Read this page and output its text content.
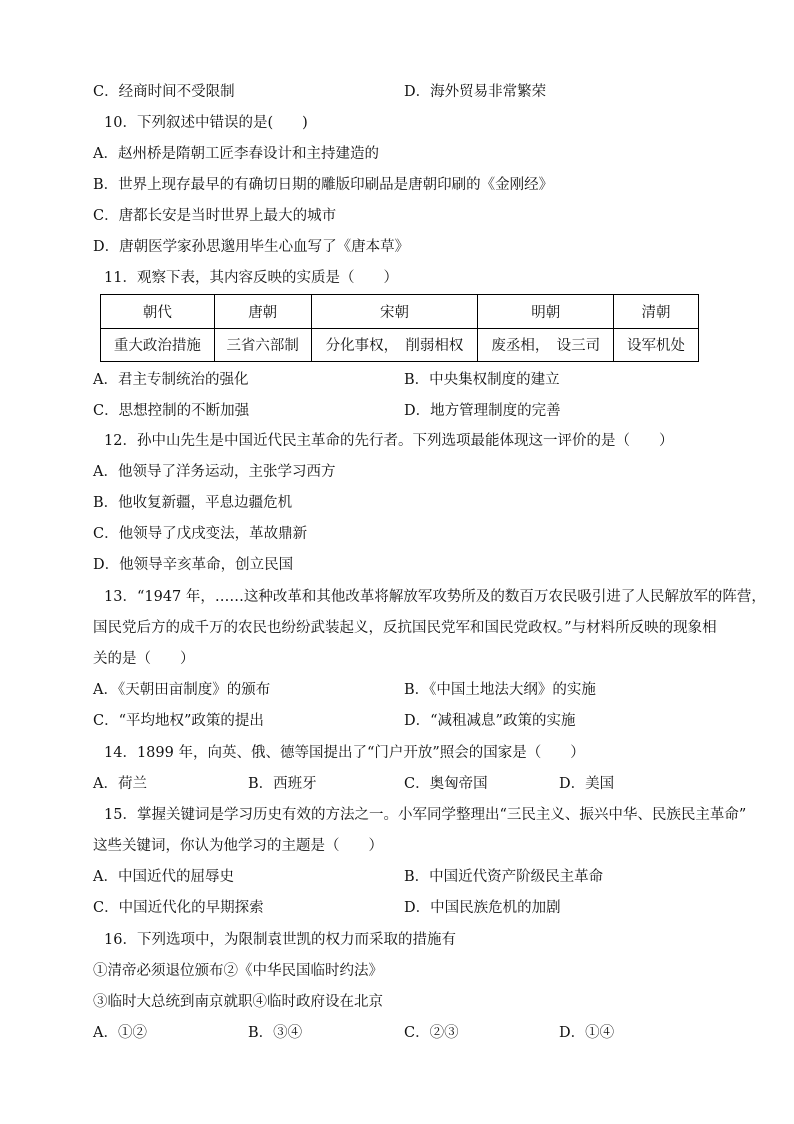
C．经商时间不受限制	D．海外贸易非常繁荣
10．下列叙述中错误的是(　　)
A．赵州桥是隋朝工匠李春设计和主持建造的
B．世界上现存最早的有确切日期的雕版印刷品是唐朝印刷的《金刚经》
C．唐都长安是当时世界上最大的城市
D．唐朝医学家孙思邈用毕生心血写了《唐本草》
11．观察下表，其内容反映的实质是（　　）
朝代	唐朝	宋朝	明朝	清朝
重大政治措施	三省六部制	分化事权，　削弱相权	废丞相，　设三司	设军机处
A．君主专制统治的强化	B．中央集权制度的建立
C．思想控制的不断加强	D．地方管理制度的完善
12．孙中山先生是中国近代民主革命的先行者。下列选项最能体现这一评价的是（　　）
A．他领导了洋务运动，主张学习西方
B．他收复新疆，平息边疆危机
C．他领导了戊戌变法，革故鼎新
D．他领导辛亥革命，创立民国
13．“1947 年，……这种改革和其他改革将解放军攻势所及的数百万农民吸引进了人民解放军的阵营，
国民党后方的成千万的农民也纷纷武装起义，反抗国民党军和国民党政权。”与材料所反映的现象相
关的是（　　）
A．《天朝田亩制度》的颁布	B．《中国土地法大纲》的实施
C．“平均地权”政策的提出	D．“减租减息”政策的实施
14．1899 年，向英、俄、德等国提出了“门户开放”照会的国家是（　　）
A．荷兰	B．西班牙	C．奥匈帝国	D．美国
15．掌握关键词是学习历史有效的方法之一。小军同学整理出“三民主义、振兴中华、民族民主革命”
这些关键词，你认为他学习的主题是（　　）
A．中国近代的屈辱史	B．中国近代资产阶级民主革命
C．中国近代化的早期探索	D．中国民族危机的加剧
16．下列选项中，为限制袁世凯的权力而采取的措施有
①清帝必须退位颁布②《中华民国临时约法》
③临时大总统到南京就职④临时政府设在北京
A．①②	B．③④	C．②③	D．①④
